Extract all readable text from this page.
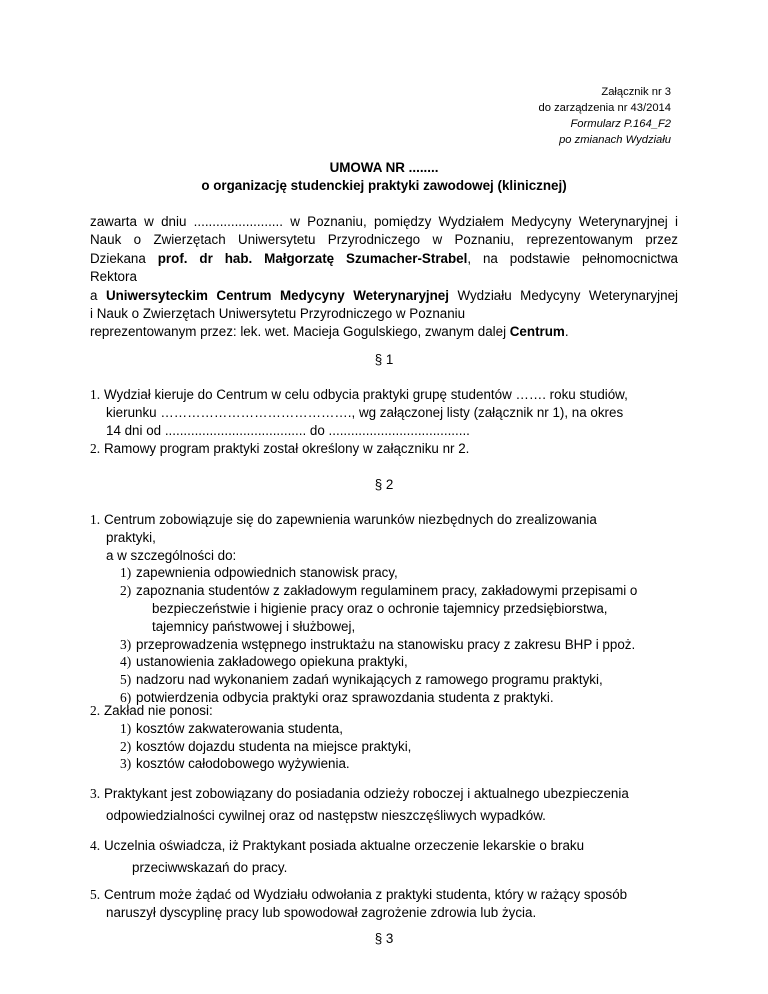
Załącznik nr 3
do zarządzenia nr 43/2014
Formularz P.164_F2
po zmianach Wydziału
UMOWA NR ........
o organizację studenckiej praktyki zawodowej (klinicznej)
zawarta w dniu ........................ w Poznaniu, pomiędzy Wydziałem Medycyny Weterynaryjnej i
Nauk o Zwierzętach Uniwersytetu Przyrodniczego w Poznaniu, reprezentowanym przez
Dziekana prof. dr hab. Małgorzatę Szumacher-Strabel, na podstawie pełnomocnictwa
Rektora
a Uniwersyteckim Centrum Medycyny Weterynaryjnej Wydziału Medycyny Weterynaryjnej
i Nauk o Zwierzętach Uniwersytetu Przyrodniczego w Poznaniu
reprezentowanym przez: lek. wet. Macieja Gogulskiego, zwanym dalej Centrum.
§ 1
1. Wydział kieruje do Centrum w celu odbycia praktyki grupę studentów ……. roku studiów,
kierunku ……………………………………., wg załączonej listy (załącznik nr 1), na okres
14 dni od ...................................... do ......................................
2. Ramowy program praktyki został określony w załączniku nr 2.
§ 2
1. Centrum zobowiązuje się do zapewnienia warunków niezbędnych do zrealizowania
praktyki,
a w szczególności do:
1) zapewnienia odpowiednich stanowisk pracy,
2) zapoznania studentów z zakładowym regulaminem pracy, zakładowymi przepisami o
bezpieczeństwie i higienie pracy oraz o ochronie tajemnicy przedsiębiorstwa,
tajemnicy państwowej i służbowej,
3) przeprowadzenia wstępnego instruktażu na stanowisku pracy z zakresu BHP i ppoż.
4) ustanowienia zakładowego opiekuna praktyki,
5) nadzoru nad wykonaniem zadań wynikających z ramowego programu praktyki,
6) potwierdzenia odbycia praktyki oraz sprawozdania studenta z praktyki.
2. Zakład nie ponosi:
1) kosztów zakwaterowania studenta,
2) kosztów dojazdu studenta na miejsce praktyki,
3) kosztów całodobowego wyżywienia.
3. Praktykant jest zobowiązany do posiadania odzieży roboczej i aktualnego ubezpieczenia
odpowiedzialności cywilnej oraz od następstw nieszczęśliwych wypadków.
4. Uczelnia oświadcza, iż Praktykant posiada aktualne orzeczenie lekarskie o braku
przeciwwskazań do pracy.
5. Centrum może żądać od Wydziału odwołania z praktyki studenta, który w rażący sposób
naruszył dyscyplinę pracy lub spowodował zagrożenie zdrowia lub życia.
§ 3
